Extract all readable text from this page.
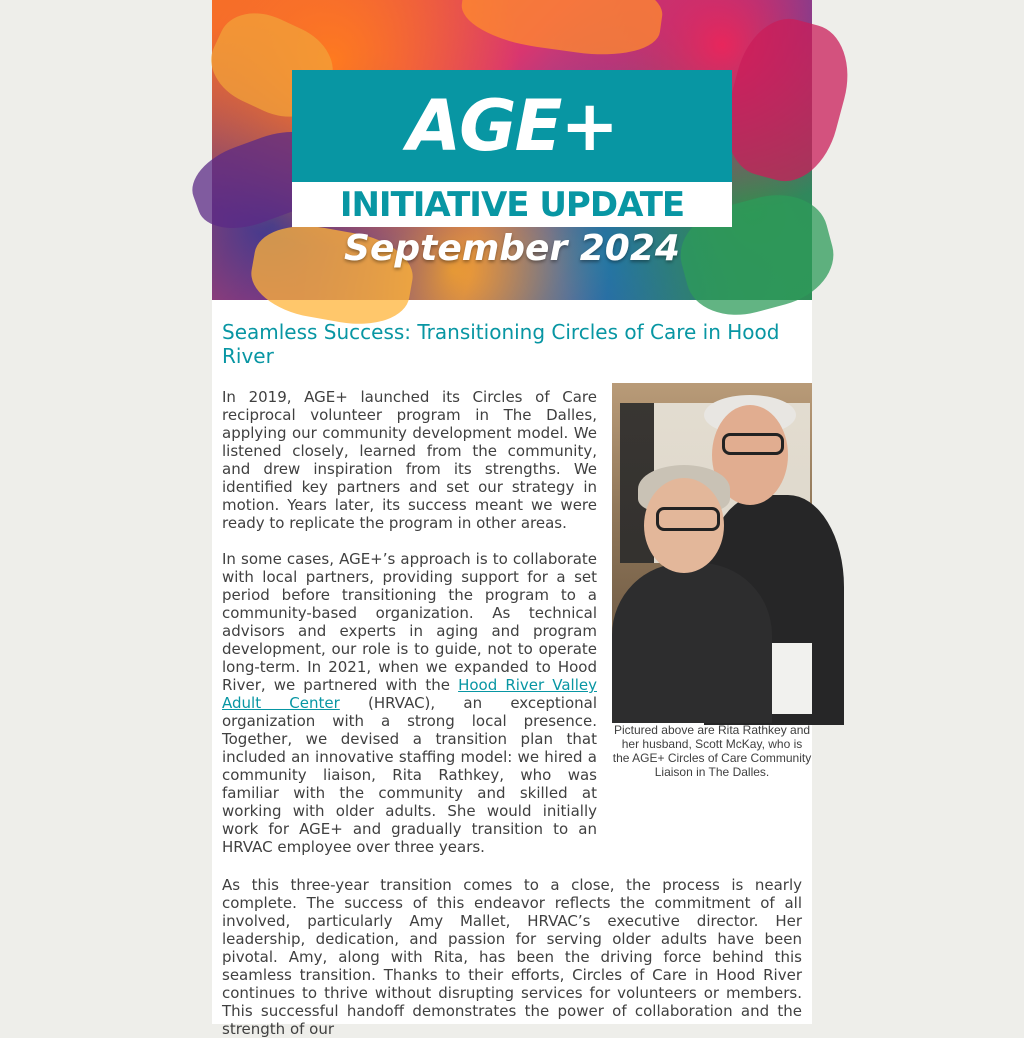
AGE+
INITIATIVE UPDATE
September 2024
Seamless Success: Transitioning Circles of Care in Hood River

In 2019, AGE+ launched its Circles of Care reciprocal volunteer program in The Dalles, applying our community development model. We listened closely, learned from the community, and drew inspiration from its strengths. We identified key partners and set our strategy in motion. Years later, its success meant we were ready to replicate the program in other areas.

In some cases, AGE+’s approach is to collaborate with local partners, providing support for a set period before transitioning the program to a community-based organization. As technical advisors and experts in aging and program development, our role is to guide, not to operate long-term. In 2021, when we expanded to Hood River, we partnered with the Hood River Valley Adult Center (HRVAC), an exceptional organization with a strong local presence. Together, we devised a transition plan that included an innovative staffing model: we hired a community liaison, Rita Rathkey, who was familiar with the community and skilled at working with older adults. She would initially work for AGE+ and gradually transition to an HRVAC employee over three years.

Pictured above are Rita Rathkey and her husband, Scott McKay, who is the AGE+ Circles of Care Community Liaison in The Dalles.

As this three-year transition comes to a close, the process is nearly complete. The success of this endeavor reflects the commitment of all involved, particularly Amy Mallet, HRVAC’s executive director. Her leadership, dedication, and passion for serving older adults have been pivotal. Amy, along with Rita, has been the driving force behind this seamless transition. Thanks to their efforts, Circles of Care in Hood River continues to thrive without disrupting services for volunteers or members. This successful handoff demonstrates the power of collaboration and the strength of our
